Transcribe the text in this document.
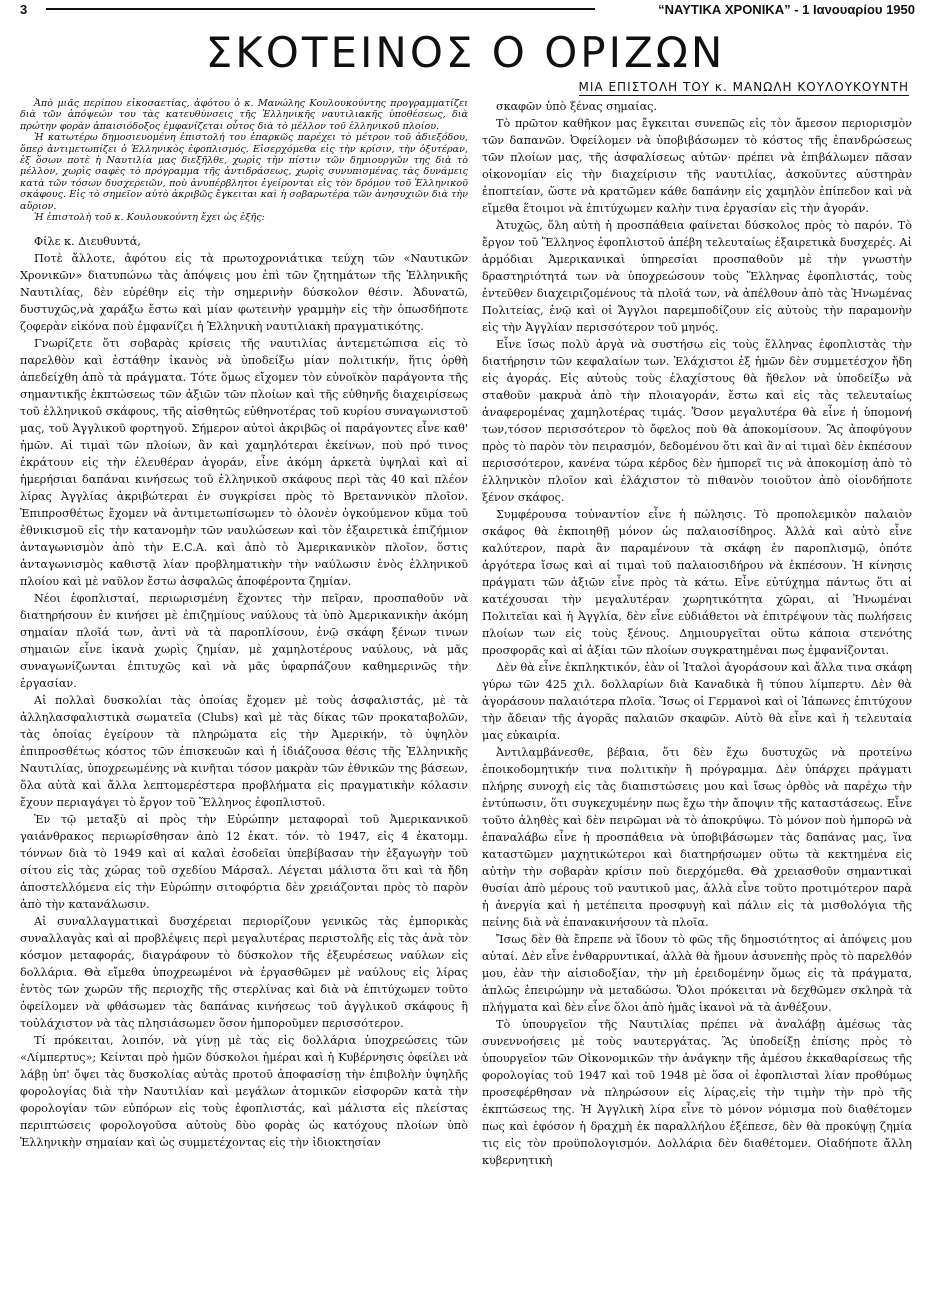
3	“ΝΑΥΤΙΚΑ ΧΡΟΝΙΚΑ” - 1 Ιανουαρίου 1950
ΣΚΟΤΕΙΝΟΣ Ο ΟΡΙΖΩΝ
ΜΙΑ ΕΠΙΣΤΟΛΗ ΤΟΥ κ. ΜΑΝΩΛΗ ΚΟΥΛΟΥΚΟΥΝΤΗ

Ἀπὸ μιᾶς περίπου εἰκοσαετίας, ἀφότου ὁ κ. Μανώλης Κουλουκούντης προγραμματίζει διὰ τῶν ἀπόψεών του τὰς κατευθύνσεις τῆς Ἑλληνικῆς ναυτιλιακῆς ὑποθέσεως, διὰ πρώτην φορὰν ἀπαισιόδοξος ἐμφανίζεται οὗτος διὰ τὸ μέλλον τοῦ ἑλληνικοῦ πλοίου.

Ἡ κατωτέρω δημοσιευομένη ἐπιστολή του ἐπαρκῶς παρέχει τὸ μέτρον τοῦ ἀδιεξόδου, ὅπερ ἀντιμετωπίζει ὁ Ἑλληνικὸς ἐφοπλισμός. Εἰσερχόμεθα εἰς τὴν κρίσιν, τὴν ὀξυτέραν, ἐξ ὅσων ποτὲ ἡ Ναυτιλία μας διεξῆλθε, χωρὶς τὴν πίστιν τῶν δημιουργῶν της διὰ τὸ μέλλον, χωρὶς σαφὲς τὸ πρόγραμμα τῆς ἀντιδράσεως, χωρὶς συνυπισμένας τὰς δυνάμεις κατὰ τῶν τόσων δυσχερειῶν, ποὺ ἀνυπέρβλητοι ἐγείρονται εἰς τὸν δρόμον τοῦ Ἑλληνικοῦ σκάφους. Εἰς τὸ σημεῖον αὐτὸ ἀκριβῶς ἔγκειται καὶ ἡ σοβαρωτέρα τῶν ἀνησυχιῶν διὰ τὴν αὔριον.

Ἡ ἐπιστολὴ τοῦ κ. Κουλουκούντη ἔχει ὡς ἑξῆς:

Φίλε κ. Διευθυντά,

Ποτὲ ἄλλοτε, ἀφότου εἰς τὰ πρωτοχρονιάτικα τεύχη τῶν «Ναυτικῶν Χρονικῶν» διατυπώνω τὰς ἀπόψεις μου ἐπὶ τῶν ζητημάτων τῆς Ἑλληνικῆς Ναυτιλίας, δὲν εὑρέθην εἰς τὴν σημερινὴν δύσκολον θέσιν. Ἀδυνατῶ, δυστυχῶς,νὰ χαράξω ἔστω καὶ μίαν φωτεινὴν γραμμὴν εἰς τὴν ὁπωσδήποτε ζοφερὰν εἰκόνα ποὺ ἐμφανίζει ἡ Ἑλληνικὴ ναυτιλιακὴ πραγματικότης.

Γνωρίζετε ὅτι σοβαρὰς κρίσεις τῆς ναυτιλίας ἀντεμετώπισα εἰς τὸ παρελθὸν καὶ ἐστάθην ἱκανὸς νὰ ὑποδείξω μίαν πολιτικήν, ἥτις ὀρθὴ ἀπεδείχθη ἀπὸ τὰ πράγματα. Τότε ὅμως εἴχομεν τὸν εὐνοϊκὸν παράγοντα τῆς σημαντικῆς ἐκπτώσεως τῶν ἀξιῶν τῶν πλοίων καὶ τῆς εὐθηνῆς διαχειρίσεως τοῦ ἑλληνικοῦ σκάφους, τῆς αἰσθητῶς εὐθηνοτέρας τοῦ κυρίου συναγωνιστοῦ μας, τοῦ Ἀγγλικοῦ φορτηγοῦ. Σήμερον αὐτοὶ ἀκριβῶς οἱ παράγοντες εἶνε καθ' ἡμῶν. Αἱ τιμαὶ τῶν πλοίων, ἂν καὶ χαμηλότεραι ἐκείνων, ποὺ πρό τινος ἐκράτουν εἰς τὴν ἐλευθέραν ἀγοράν, εἶνε ἀκόμη ἀρκετὰ ὑψηλαὶ καὶ αἱ ἡμερήσιαι δαπάναι κινήσεως τοῦ ἑλληνικοῦ σκάφους περὶ τὰς 40 καὶ πλέον λίρας Ἀγγλίας ἀκριβώτεραι ἐν συγκρίσει πρὸς τὸ Βρεταννικὸν πλοῖον. Ἐπιπροσθέτως ἔχομεν νὰ ἀντιμετωπίσωμεν τὸ ὁλονὲν ὀγκούμενον κῦμα τοῦ ἐθνικισμοῦ εἰς τὴν κατανομὴν τῶν ναυλώσεων καὶ τὸν ἐξαιρετικὰ ἐπιζήμιον ἀνταγωνισμὸν ἀπὸ τὴν E.C.A. καὶ ἀπὸ τὸ Ἀμερικανικὸν πλοῖον, ὅστις ἀνταγωνισμὸς καθιστᾷ λίαν προβληματικὴν τὴν ναύλωσιν ἑνὸς ἑλληνικοῦ πλοίου καὶ μὲ ναῦλον ἔστω ἀσφαλῶς ἀποφέροντα ζημίαν.

Νέοι ἐφοπλισταί, περιωρισμένη ἔχοντες τὴν πεῖραν, προσπαθοῦν νὰ διατηρήσουν ἐν κινήσει μὲ ἐπιζημίους ναύλους τὰ ὑπὸ Ἀμερικανικὴν ἀκόμη σημαίαν πλοῖά των, ἀντὶ νὰ τὰ παροπλίσουν, ἐνῷ σκάφη ξένων τινων σημαιῶν εἶνε ἱκανὰ χωρὶς ζημίαν, μὲ χαμηλοτέρους ναύλους, νὰ μᾶς συναγωνίζωνται ἐπιτυχῶς καὶ νὰ μᾶς ὑφαρπάζουν καθημερινῶς τὴν ἐργασίαν.

Αἱ πολλαὶ δυσκολίαι τὰς ὁποίας ἔχομεν μὲ τοὺς ἀσφαλιστάς, μὲ τὰ ἀλληλασφαλιστικὰ σωματεῖα (Clubs) καὶ μὲ τὰς δίκας τῶν προκαταβολῶν, τὰς ὁποίας ἐγείρουν τὰ πληρώματα εἰς τὴν Ἀμερικήν, τὸ ὑψηλὸν ἐπιπροσθέτως κόστος τῶν ἐπισκευῶν καὶ ἡ ἰδιάζουσα θέσις τῆς Ἑλληνικῆς Ναυτιλίας, ὑποχρεωμένης νὰ κινῆται τόσον μακρὰν τῶν ἐθνικῶν της βάσεων, ὅλα αὐτὰ καὶ ἄλλα λεπτομερέστερα προβλήματα εἰς πραγματικὴν κόλασιν ἔχουν περιαγάγει τὸ ἔργον τοῦ Ἕλληνος ἐφοπλιστοῦ.

Ἐν τῷ μεταξὺ αἱ πρὸς τὴν Εὐρώπην μεταφοραὶ τοῦ Ἀμερικανικοῦ γαιάνθρακος περιωρίσθησαν ἀπὸ 12 ἑκατ. τόν. τὸ 1947, εἰς 4 ἑκατομμ. τόννων διὰ τὸ 1949 καὶ αἱ καλαὶ ἐσοδεῖαι ὑπεβίβασαν τὴν ἐξαγωγὴν τοῦ σίτου εἰς τὰς χώρας τοῦ σχεδίου Μάρσαλ. Λέγεται μάλιστα ὅτι καὶ τὰ ἤδη ἀποστελλόμενα εἰς τὴν Εὐρώπην σιτοφόρτια δὲν χρειάζονται πρὸς τὸ παρὸν ἀπὸ τὴν κατανάλωσιν.

Αἱ συναλλαγματικαὶ δυσχέρειαι περιορίζουν γενικῶς τὰς ἐμπορικὰς συναλλαγὰς καὶ αἱ προβλέψεις περὶ μεγαλυτέρας περιστολῆς εἰς τὰς ἀνὰ τὸν κόσμον μεταφοράς, διαγράφουν τὸ δύσκολον τῆς ἐξευρέσεως ναύλων εἰς δολλάρια. Θὰ εἴμεθα ὑποχρεωμένοι νὰ ἐργασθῶμεν μὲ ναύλους εἰς λίρας ἐντὸς τῶν χωρῶν τῆς περιοχῆς τῆς στερλίνας καὶ διὰ νὰ ἐπιτύχωμεν τοῦτο ὀφείλομεν νὰ φθάσωμεν τὰς δαπάνας κινήσεως τοῦ ἀγγλικοῦ σκάφους ἢ τοὐλάχιστον νὰ τὰς πλησιάσωμεν ὅσον ἠμποροῦμεν περισσότερον.

Τί πρόκειται, λοιπόν, νὰ γίνῃ μὲ τὰς εἰς δολλάρια ὑποχρεώσεις τῶν «Λίμπερτυς»; Κείνται πρὸ ἡμῶν δύσκολοι ἡμέραι καὶ ἡ Κυβέρνησις ὀφείλει νὰ λάβῃ ὑπ' ὄψει τὰς δυσκολίας αὐτὰς προτοῦ ἀποφασίσῃ τὴν ἐπιβολὴν ὑψηλῆς φορολογίας διὰ τὴν Ναυτιλίαν καὶ μεγάλων ἀτομικῶν εἰσφορῶν κατὰ τὴν φορολογίαν τῶν εὐπόρων εἰς τοὺς ἐφοπλιστάς, καὶ μάλιστα εἰς πλείστας περιπτώσεις φορολογοῦσα αὐτοὺς δὺο φορὰς ὡς κατόχους πλοίων ὑπὸ Ἑλληνικὴν σημαίαν καὶ ὡς συμμετέχοντας εἰς τὴν ἰδιοκτησίαν

σκαφῶν ὑπὸ ξένας σημαίας.

Τὸ πρῶτον καθῆκον μας ἔγκειται συνεπῶς εἰς τὸν ἄμεσον περιορισμὸν τῶν δαπανῶν. Ὀφείλομεν νὰ ὑποβιβάσωμεν τὸ κόστος τῆς ἐπανδρώσεως τῶν πλοίων μας, τῆς ἀσφαλίσεως αὐτῶν· πρέπει νὰ ἐπιβάλωμεν πᾶσαν οἰκονομίαν εἰς τὴν διαχείρισιν τῆς ναυτιλίας, ἀσκοῦντες αὐστηρὰν ἐποπτείαν, ὥστε νὰ κρατῶμεν κάθε δαπάνην εἰς χαμηλὸν ἐπίπεδον καὶ νὰ εἴμεθα ἕτοιμοι νὰ ἐπιτύχωμεν καλὴν τινα ἐργασίαν εἰς τὴν ἀγοράν.

Ἀτυχῶς, ὅλη αὐτὴ ἡ προσπάθεια φαίνεται δύσκολος πρὸς τὸ παρόν. Τὸ ἔργον τοῦ Ἕλληνος ἐφοπλιστοῦ ἀπέβη τελευταίως ἐξαιρετικὰ δυσχερές. Αἱ ἁρμόδιαι Ἀμερικανικαὶ ὑπηρεσίαι προσπαθοῦν μὲ τὴν γνωστὴν δραστηριότητά των νὰ ὑποχρεώσουν τοὺς Ἕλληνας ἐφοπλιστάς, τοὺς ἐντεῦθεν διαχειριζομένους τὰ πλοῖά των, νὰ ἀπέλθουν ἀπὸ τὰς Ἡνωμένας Πολιτείας, ἐνῷ καὶ οἱ Ἄγγλοι παρεμποδίζουν εἰς αὐτοὺς τὴν παραμονὴν εἰς τὴν Ἀγγλίαν περισσότερον τοῦ μηνός.

Εἶνε ἴσως πολὺ ἀργὰ νὰ συστήσω εἰς τοὺς ἕλληνας ἐφοπλιστὰς τὴν διατήρησιν τῶν κεφαλαίων των. Ἐλάχιστοι ἐξ ἡμῶν δὲν συμμετέσχον ἤδη εἰς ἀγοράς. Εἰς αὐτοὺς τοὺς ἐλαχίστους θὰ ἤθελον νὰ ὑποδείξω νὰ σταθοῦν μακρυὰ ἀπὸ τὴν πλοιαγοράν, ἔστω καὶ εἰς τὰς τελευταίως ἀναφερομένας χαμηλοτέρας τιμάς. Ὅσον μεγαλυτέρα θὰ εἶνε ἡ ὑπομονή των,τόσον περισσότερον τὸ ὄφελος ποὺ θὰ ἀποκομίσουν. Ἃς ἀποφύγουν πρὸς τὸ παρὸν τὸν πειρασμόν, δεδομένου ὅτι καὶ ἂν αἱ τιμαὶ δὲν ἐκπέσουν περισσότερον, κανένα τώρα κέρδος δὲν ἠμπορεῖ τις νὰ ἀποκομίσῃ ἀπὸ τὸ ἑλληνικὸν πλοῖον καὶ ἐλάχιστον τὸ πιθανὸν τοιοῦτον ἀπὸ οἱονδήποτε ξένον σκάφος.

Συμφέρουσα τοὐναντίον εἶνε ἡ πώλησις. Τὸ προπολεμικὸν παλαιὸν σκάφος θὰ ἐκποιηθῇ μόνον ὡς παλαιοσίδηρος. Ἀλλὰ καὶ αὐτὸ εἶνε καλύτερον, παρὰ ἂν παραμένουν τὰ σκάφη ἐν παροπλισμῷ, ὁπότε ἀργότερα ἴσως καὶ αἱ τιμαὶ τοῦ παλαιοσιδήρου νὰ ἐκπέσουν. Ἡ κίνησις πράγματι τῶν ἀξιῶν εἶνε πρὸς τὰ κάτω. Εἶνε εὐτύχημα πάντως ὅτι αἱ κατέχουσαι τὴν μεγαλυτέραν χωρητικότητα χῶραι, αἱ Ἡνωμέναι Πολιτεῖαι καὶ ἡ Ἀγγλία, δὲν εἶνε εὐδιάθετοι νὰ ἐπιτρέψουν τὰς πωλήσεις πλοίων των εἰς τοὺς ξένους. Δημιουργεῖται οὕτω κάποια στενότης προσφορᾶς καὶ αἱ ἀξίαι τῶν πλοίων συγκρατημέναι πως ἐμφανίζονται.

Δὲν θὰ εἶνε ἐκπληκτικόν, ἐὰν οἱ Ἰταλοὶ ἀγοράσουν καὶ ἄλλα τινα σκάφη γύρω τῶν 425 χιλ. δολλαρίων διὰ Καναδικὰ ἢ τύπου λίμπερτυ. Δὲν θὰ ἀγοράσουν παλαιότερα πλοῖα. Ἴσως οἱ Γερμανοὶ καὶ οἱ Ἰάπωνες ἐπιτύχουν τὴν ἄδειαν τῆς ἀγορᾶς παλαιῶν σκαφῶν. Αὐτὸ θὰ εἶνε καὶ ἡ τελευταία μας εὐκαιρία.

Ἀντιλαμβάνεσθε, βέβαια, ὅτι δὲν ἔχω δυστυχῶς νὰ προτείνω ἐποικοδομητικήν τινα πολιτικὴν ἢ πρόγραμμα. Δὲν ὑπάρχει πράγματι πλήρης συνοχὴ εἰς τὰς διαπιστώσεις μου καὶ ἴσως ὀρθὸς νὰ παρέχω τὴν ἐντύπωσιν, ὅτι συγκεχυμένην πως ἔχω τὴν ἄποψιν τῆς καταστάσεως. Εἶνε τοῦτο ἀληθὲς καὶ δὲν πειρῶμαι νὰ τὸ ἀποκρύψω. Τὸ μόνον ποὺ ἠμπορῶ νὰ ἐπαναλάβω εἶνε ἡ προσπάθεια νὰ ὑποβιβάσωμεν τὰς δαπάνας μας, ἵνα καταστῶμεν μαχητικώτεροι καὶ διατηρήσωμεν οὕτω τὰ κεκτημένα εἰς αὐτὴν τὴν σοβαρὰν κρίσιν ποὺ διερχόμεθα. Θὰ χρειασθοῦν σημαντικαὶ θυσίαι ἀπὸ μέρους τοῦ ναυτικοῦ μας, ἀλλὰ εἶνε τοῦτο προτιμότερον παρὰ ἡ ἀνεργία καὶ ἡ μετέπειτα προσφυγὴ καὶ πάλιν εἰς τὰ μισθολόγια τῆς πείνης διὰ νὰ ἐπανακινήσουν τὰ πλοῖα.

Ἴσως δὲν θὰ ἔπρεπε νὰ ἴδουν τὸ φῶς τῆς δημοσιότητος αἱ ἀπόψεις μου αὐταί. Δὲν εἶνε ἐνθαρρυντικαί, ἀλλὰ θὰ ἤμουν ἀσυνεπὴς πρὸς τὸ παρελθόν μου, ἐὰν τὴν αἰσιοδοξίαν, τὴν μὴ ἐρειδομένην ὅμως εἰς τὰ πράγματα, ἁπλῶς ἐπειρώμην νὰ μεταδώσω. Ὅλοι πρόκειται νὰ δεχθῶμεν σκληρὰ τὰ πλήγματα καὶ δὲν εἶνε ὅλοι ἀπὸ ἡμᾶς ἱκανοὶ νὰ τὰ ἀνθέξουν.

Τὸ ὑπουργεῖον τῆς Ναυτιλίας πρέπει νὰ ἀναλάβῃ ἀμέσως τὰς συνεννοήσεις μὲ τοὺς ναυτεργάτας. Ἂς ὑποδείξῃ ἐπίσης πρὸς τὸ ὑπουργεῖον τῶν Οἰκονομικῶν τὴν ἀνάγκην τῆς ἀμέσου ἐκκαθαρίσεως τῆς φορολογίας τοῦ 1947 καὶ τοῦ 1948 μὲ ὅσα οἱ ἐφοπλισταὶ λίαν προθύμως προσεφέρθησαν νὰ πληρώσουν εἰς λίρας,εἰς τὴν τιμὴν τὴν πρὸ τῆς ἐκπτώσεως της. Ἡ Ἀγγλικὴ λίρα εἶνε τὸ μόνον νόμισμα ποὺ διαθέτομεν πως καὶ ἐφόσον ἡ δραχμὴ ἐκ παραλλήλου ἐξέπεσε, δὲν θὰ προκύψῃ ζημία τις εἰς τὸν προϋπολογισμόν. Δολλάρια δὲν διαθέτομεν. Οἱαδήποτε ἄλλη κυβερνητικὴ
